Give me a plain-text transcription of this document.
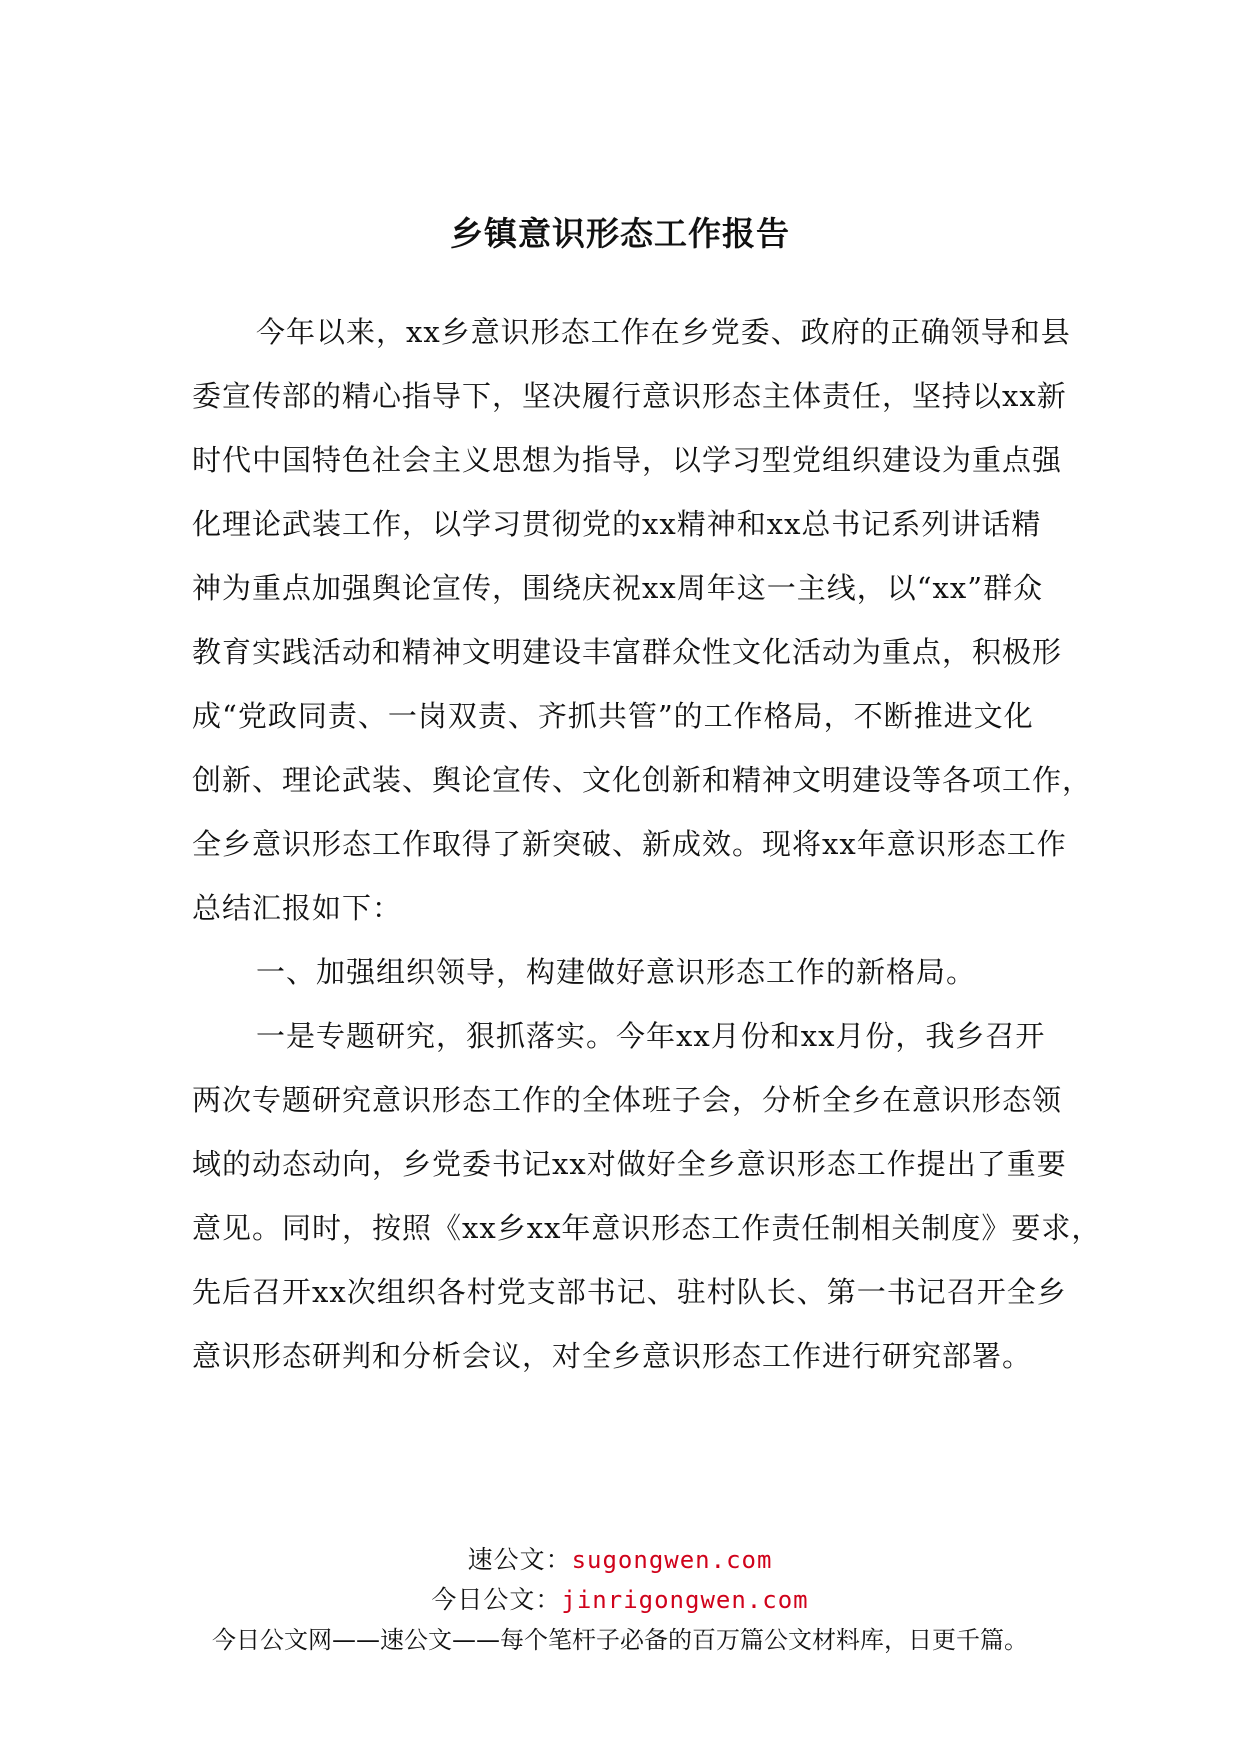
乡镇意识形态工作报告
今年以来，xx乡意识形态工作在乡党委、政府的正确领导和县
委宣传部的精心指导下，坚决履行意识形态主体责任，坚持以xx新
时代中国特色社会主义思想为指导，以学习型党组织建设为重点强
化理论武装工作，以学习贯彻党的xx精神和xx总书记系列讲话精
神为重点加强舆论宣传，围绕庆祝xx周年这一主线，以“xx”群众
教育实践活动和精神文明建设丰富群众性文化活动为重点，积极形
成“党政同责、一岗双责、齐抓共管”的工作格局，不断推进文化
创新、理论武装、舆论宣传、文化创新和精神文明建设等各项工作，
全乡意识形态工作取得了新突破、新成效。现将xx年意识形态工作
总结汇报如下：
一、加强组织领导，构建做好意识形态工作的新格局。
一是专题研究，狠抓落实。今年xx月份和xx月份，我乡召开
两次专题研究意识形态工作的全体班子会，分析全乡在意识形态领
域的动态动向，乡党委书记xx对做好全乡意识形态工作提出了重要
意见。同时，按照《xx乡xx年意识形态工作责任制相关制度》要求，
先后召开xx次组织各村党支部书记、驻村队长、第一书记召开全乡
意识形态研判和分析会议，对全乡意识形态工作进行研究部署。
速公文：sugongwen.com
今日公文：jinrigongwen.com
今日公文网——速公文——每个笔杆子必备的百万篇公文材料库，日更千篇。
